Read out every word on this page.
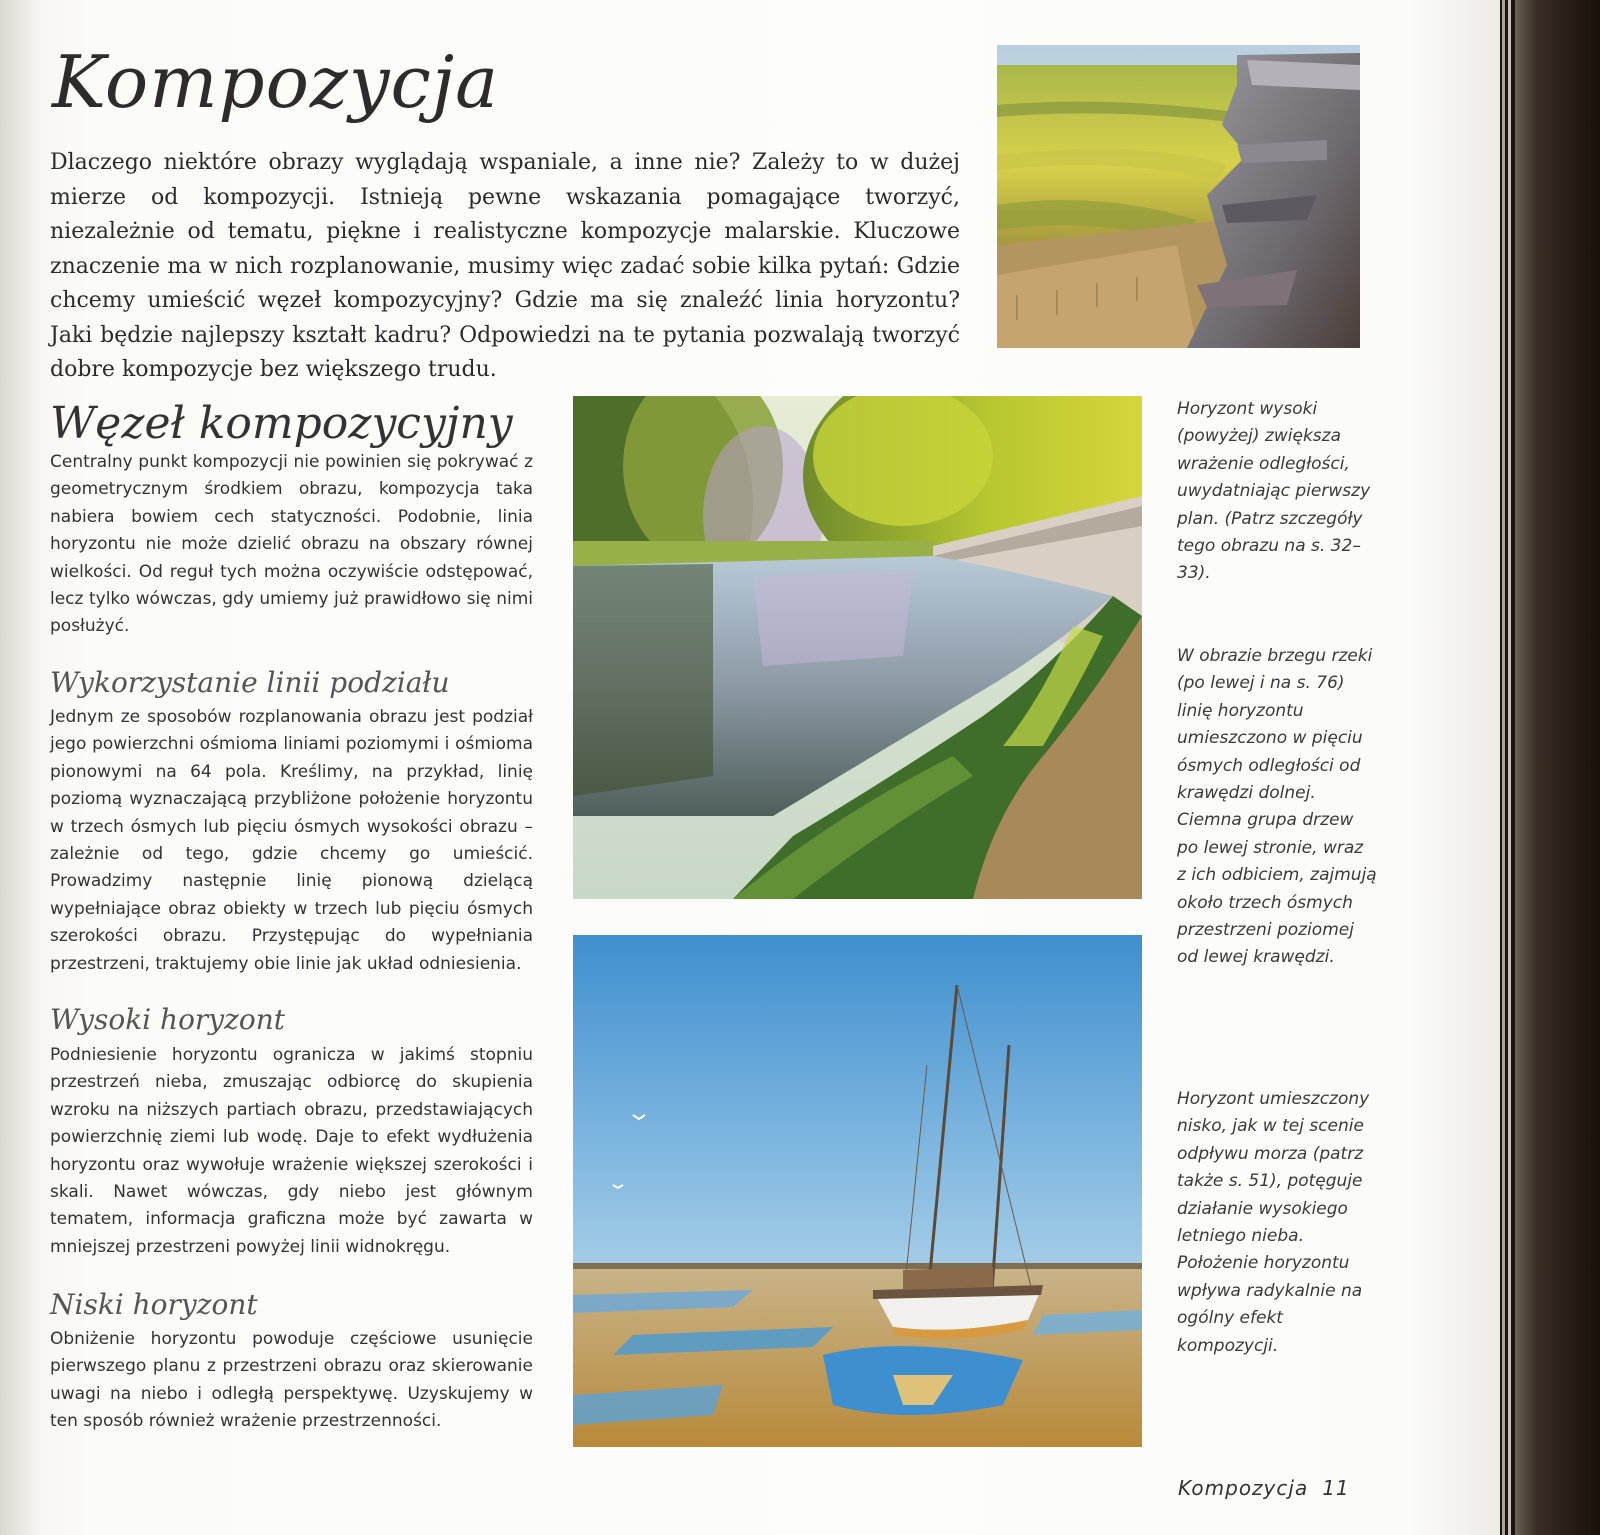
Kompozycja

Dlaczego niektóre obrazy wyglądają wspaniale, a inne nie? Zależy to w dużej mierze od kompozycji. Istnieją pewne wskazania pomagające tworzyć, niezależnie od tematu, piękne i realistyczne kompozycje malarskie. Kluczowe znaczenie ma w nich rozplanowanie, musimy więc zadać sobie kilka pytań: Gdzie chcemy umieścić węzeł kompozycyjny? Gdzie ma się znaleźć linia horyzontu? Jaki będzie najlepszy kształt kadru? Odpowiedzi na te pytania pozwalają tworzyć dobre kompozycje bez większego trudu.

Węzeł kompozycyjny

Centralny punkt kompozycji nie powinien się pokrywać z geometrycznym środkiem obrazu, kompozycja taka nabiera bowiem cech statyczności. Podobnie, linia horyzontu nie może dzielić obrazu na obszary równej wielkości. Od reguł tych można oczywiście odstępować, lecz tylko wówczas, gdy umiemy już prawidłowo się nimi posłużyć.

Wykorzystanie linii podziału

Jednym ze sposobów rozplanowania obrazu jest podział jego powierzchni ośmioma liniami poziomymi i ośmioma pionowymi na 64 pola. Kreślimy, na przykład, linię poziomą wyznaczającą przybliżone położenie horyzontu w trzech ósmych lub pięciu ósmych wysokości obrazu – zależnie od tego, gdzie chcemy go umieścić. Prowadzimy następnie linię pionową dzielącą wypełniające obraz obiekty w trzech lub pięciu ósmych szerokości obrazu. Przystępując do wypełniania przestrzeni, traktujemy obie linie jak układ odniesienia.

Wysoki horyzont

Podniesienie horyzontu ogranicza w jakimś stopniu przestrzeń nieba, zmuszając odbiorcę do skupienia wzroku na niższych partiach obrazu, przedstawiających powierzchnię ziemi lub wodę. Daje to efekt wydłużenia horyzontu oraz wywołuje wrażenie większej szerokości i skali. Nawet wówczas, gdy niebo jest głównym tematem, informacja graficzna może być zawarta w mniejszej przestrzeni powyżej linii widnokręgu.

Niski horyzont

Obniżenie horyzontu powoduje częściowe usunięcie pierwszego planu z przestrzeni obrazu oraz skierowanie uwagi na niebo i odległą perspektywę. Uzyskujemy w ten sposób również wrażenie przestrzenności.

Horyzont wysoki (powyżej) zwiększa wrażenie odległości, uwydatniając pierwszy plan. (Patrz szczegóły tego obrazu na s. 32–33).

W obrazie brzegu rzeki (po lewej i na s. 76) linię horyzontu umieszczono w pięciu ósmych odległości od krawędzi dolnej. Ciemna grupa drzew po lewej stronie, wraz z ich odbiciem, zajmują około trzech ósmych przestrzeni poziomej od lewej krawędzi.

Horyzont umieszczony nisko, jak w tej scenie odpływu morza (patrz także s. 51), potęguje działanie wysokiego letniego nieba. Położenie horyzontu wpływa radykalnie na ogólny efekt kompozycji.

Kompozycja 11
